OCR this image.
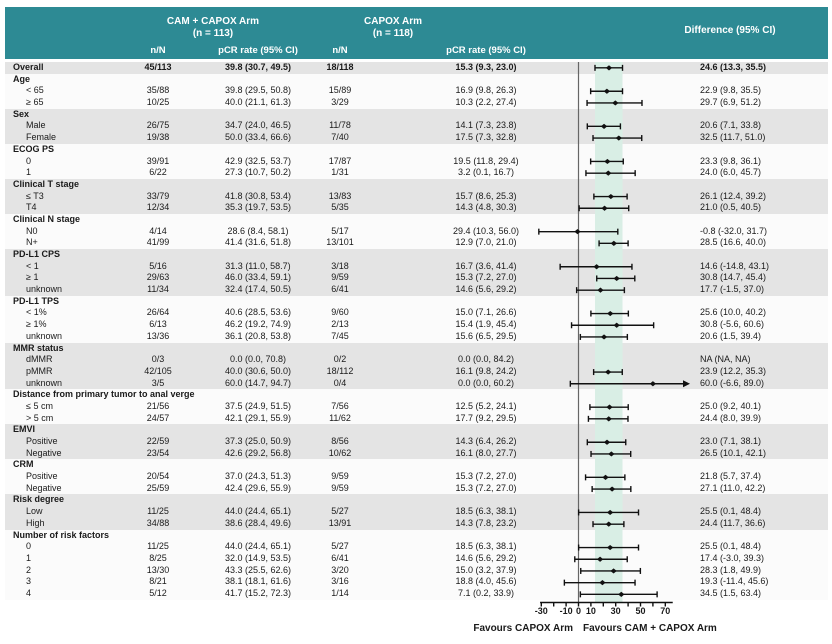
CAM + CAPOX Arm
(n = 113)
CAPOX Arm
(n = 118)	Difference (95% CI)
n/N	pCR rate (95% CI)	n/N	pCR rate (95% CI)
Overall	45/113	39.8 (30.7, 49.5)	18/118	15.3 (9.3, 23.0)	24.6 (13.3, 35.5)
Age
< 65	35/88	39.8 (29.5, 50.8)	15/89	16.9 (9.8, 26.3)	22.9 (9.8, 35.5)
≥ 65	10/25	40.0 (21.1, 61.3)	3/29	10.3 (2.2, 27.4)	29.7 (6.9, 51.2)
Sex
Male	26/75	34.7 (24.0, 46.5)	11/78	14.1 (7.3, 23.8)	20.6 (7.1, 33.8)
Female	19/38	50.0 (33.4, 66.6)	7/40	17.5 (7.3, 32.8)	32.5 (11.7, 51.0)
ECOG PS
0	39/91	42.9 (32.5, 53.7)	17/87	19.5 (11.8, 29.4)	23.3 (9.8, 36.1)
1	6/22	27.3 (10.7, 50.2)	1/31	3.2 (0.1, 16.7)	24.0 (6.0, 45.7)
Clinical T stage
≤ T3	33/79	41.8 (30.8, 53.4)	13/83	15.7 (8.6, 25.3)	26.1 (12.4, 39.2)
T4	12/34	35.3 (19.7, 53.5)	5/35	14.3 (4.8, 30.3)	21.0 (0.5, 40.5)
Clinical N stage
N0	4/14	28.6 (8.4, 58.1)	5/17	29.4 (10.3, 56.0)	-0.8 (-32.0, 31.7)
N+	41/99	41.4 (31.6, 51.8)	13/101	12.9 (7.0, 21.0)	28.5 (16.6, 40.0)
PD-L1 CPS
< 1	5/16	31.3 (11.0, 58.7)	3/18	16.7 (3.6, 41.4)	14.6 (-14.8, 43.1)
≥ 1	29/63	46.0 (33.4, 59.1)	9/59	15.3 (7.2, 27.0)	30.8 (14.7, 45.4)
unknown	11/34	32.4 (17.4, 50.5)	6/41	14.6 (5.6, 29.2)	17.7 (-1.5, 37.0)
PD-L1 TPS
< 1%	26/64	40.6 (28.5, 53.6)	9/60	15.0 (7.1, 26.6)	25.6 (10.0, 40.2)
≥ 1%	6/13	46.2 (19.2, 74.9)	2/13	15.4 (1.9, 45.4)	30.8 (-5.6, 60.6)
unknown	13/36	36.1 (20.8, 53.8)	7/45	15.6 (6.5, 29.5)	20.6 (1.5, 39.4)
MMR status
dMMR	0/3	0.0 (0.0, 70.8)	0/2	0.0 (0.0, 84.2)	NA (NA, NA)
pMMR	42/105	40.0 (30.6, 50.0)	18/112	16.1 (9.8, 24.2)	23.9 (12.2, 35.3)
unknown	3/5	60.0 (14.7, 94.7)	0/4	0.0 (0.0, 60.2)	60.0 (-6.6, 89.0)
Distance from primary tumor to anal verge
≤ 5 cm	21/56	37.5 (24.9, 51.5)	7/56	12.5 (5.2, 24.1)	25.0 (9.2, 40.1)
> 5 cm	24/57	42.1 (29.1, 55.9)	11/62	17.7 (9.2, 29.5)	24.4 (8.0, 39.9)
EMVI
Positive	22/59	37.3 (25.0, 50.9)	8/56	14.3 (6.4, 26.2)	23.0 (7.1, 38.1)
Negative	23/54	42.6 (29.2, 56.8)	10/62	16.1 (8.0, 27.7)	26.5 (10.1, 42.1)
CRM
Positive	20/54	37.0 (24.3, 51.3)	9/59	15.3 (7.2, 27.0)	21.8 (5.7, 37.4)
Negative	25/59	42.4 (29.6, 55.9)	9/59	15.3 (7.2, 27.0)	27.1 (11.0, 42.2)
Risk degree
Low	11/25	44.0 (24.4, 65.1)	5/27	18.5 (6.3, 38.1)	25.5 (0.1, 48.4)
High	34/88	38.6 (28.4, 49.6)	13/91	14.3 (7.8, 23.2)	24.4 (11.7, 36.6)
Number of risk factors
0	11/25	44.0 (24.4, 65.1)	5/27	18.5 (6.3, 38.1)	25.5 (0.1, 48.4)
1	8/25	32.0 (14.9, 53.5)	6/41	14.6 (5.6, 29.2)	17.4 (-3.0, 39.3)
2	13/30	43.3 (25.5, 62.6)	3/20	15.0 (3.2, 37.9)	28.3 (1.8, 49.9)
3	8/21	38.1 (18.1, 61.6)	3/16	18.8 (4.0, 45.6)	19.3 (-11.4, 45.6)
4	5/12	41.7 (15.2, 72.3)	1/14	7.1 (0.2, 33.9)	34.5 (1.5, 63.4)
-30	-10 0 10	30	50	70
Favours CAPOX Arm Favours CAM + CAPOX Arm
